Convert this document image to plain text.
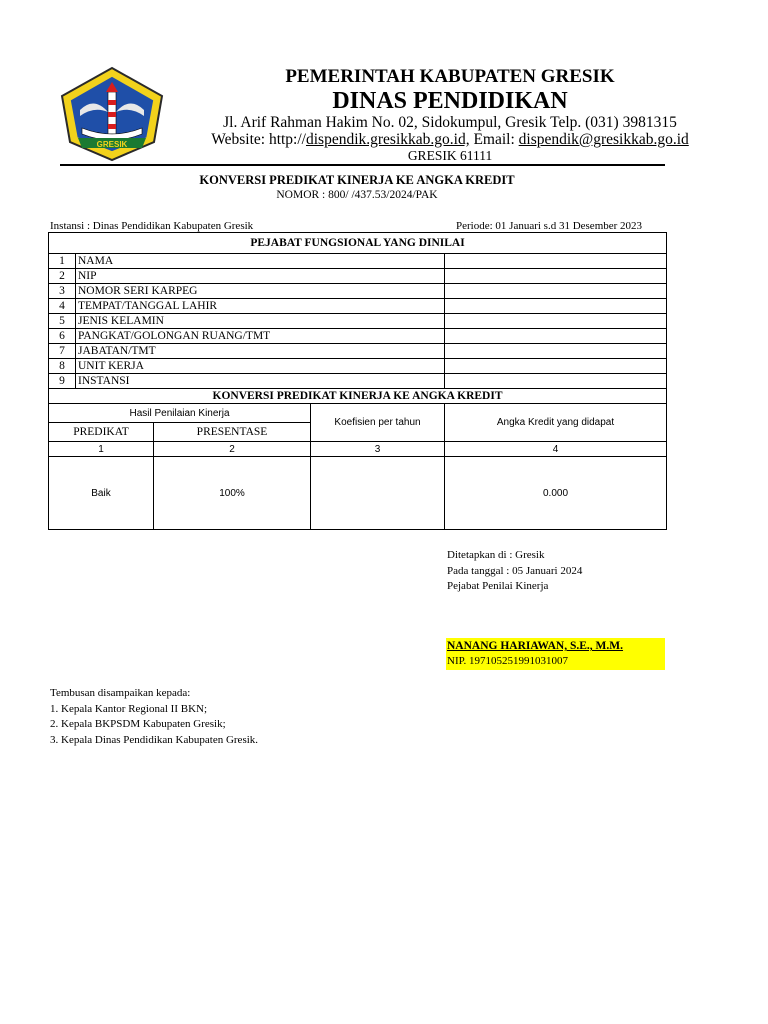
GRESIK
PEMERINTAH KABUPATEN GRESIK
DINAS PENDIDIKAN
Jl. Arif Rahman Hakim No. 02, Sidokumpul, Gresik Telp. (031) 3981315
Website: http://dispendik.gresikkab.go.id, Email: dispendik@gresikkab.go.id
GRESIK 61111
KONVERSI PREDIKAT KINERJA KE ANGKA KREDIT
NOMOR : 800/ /437.53/2024/PAK
Instansi : Dinas Pendidikan Kabupaten Gresik	Periode: 01 Januari s.d 31 Desember 2023
PEJABAT FUNGSIONAL YANG DINILAI				
1	NAMA			
2	NIP			
3	NOMOR SERI KARPEG			
4	TEMPAT/TANGGAL LAHIR			
5	JENIS KELAMIN			
6	PANGKAT/GOLONGAN RUANG/TMT			
7	JABATAN/TMT			
8	UNIT KERJA			
9	INSTANSI			
KONVERSI PREDIKAT KINERJA KE ANGKA KREDIT				
Hasil Penilaian Kinerja			Koefisien per tahun	Angka Kredit yang didapat
PREDIKAT		PRESENTASE		
1		2	3	4
Baik		100%		0.000
Ditetapkan di : Gresik
Pada tanggal : 05 Januari 2024
Pejabat Penilai Kinerja
NANANG HARIAWAN, S.E., M.M.
NIP. 197105251991031007
Tembusan disampaikan kepada:
1. Kepala Kantor Regional II BKN;
2. Kepala BKPSDM Kabupaten Gresik;
3. Kepala Dinas Pendidikan Kabupaten Gresik.
